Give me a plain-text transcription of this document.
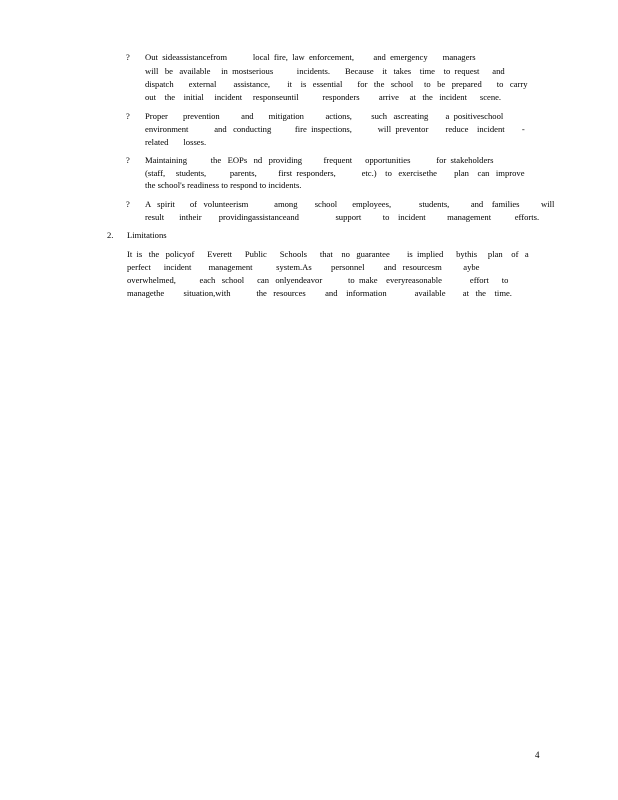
?	Out  sideassistancefrom            local  fire,  law  enforcement,         and  emergency       managers
will   be   available     in  mostserious           incidents.       Because    it   takes    time    to  request      and
dispatch       external        assistance,        it    is   essential       for   the   school     to   be   prepared       to   carry
out    the    initial     incident     responseuntil           responders         arrive     at   the   incident      scene.
?	Proper       prevention          and       mitigation          actions,         such   ascreating        a  positiveschool
environment            and   conducting           fire  inspections,            will  preventor        reduce    incident        -
related       losses.
?	Maintaining           the   EOPs   nd   providing          frequent      opportunities            for  stakeholders
(staff,     students,           parents,          first  responders,            etc.)    to   exercisethe        plan    can   improve
the school's readiness to respond to incidents.
?	A   spirit       of   volunteerism            among        school       employees,             students,          and    families          will
result       intheir        providingassistanceand                 support          to    incident          management           efforts.
2. Limitations
It  is   the   policyof      Everett      Public      Schools      that    no   guarantee        is  implied      bythis     plan    of   a
perfect      incident        management           system.As         personnel         and   resourcesm          aybe
overwhelmed,           each   school      can   onlyendeavor            to  make    everyreasonable             effort      to
managethe         situation,with            the   resources         and    information             available        at   the    time.
4
